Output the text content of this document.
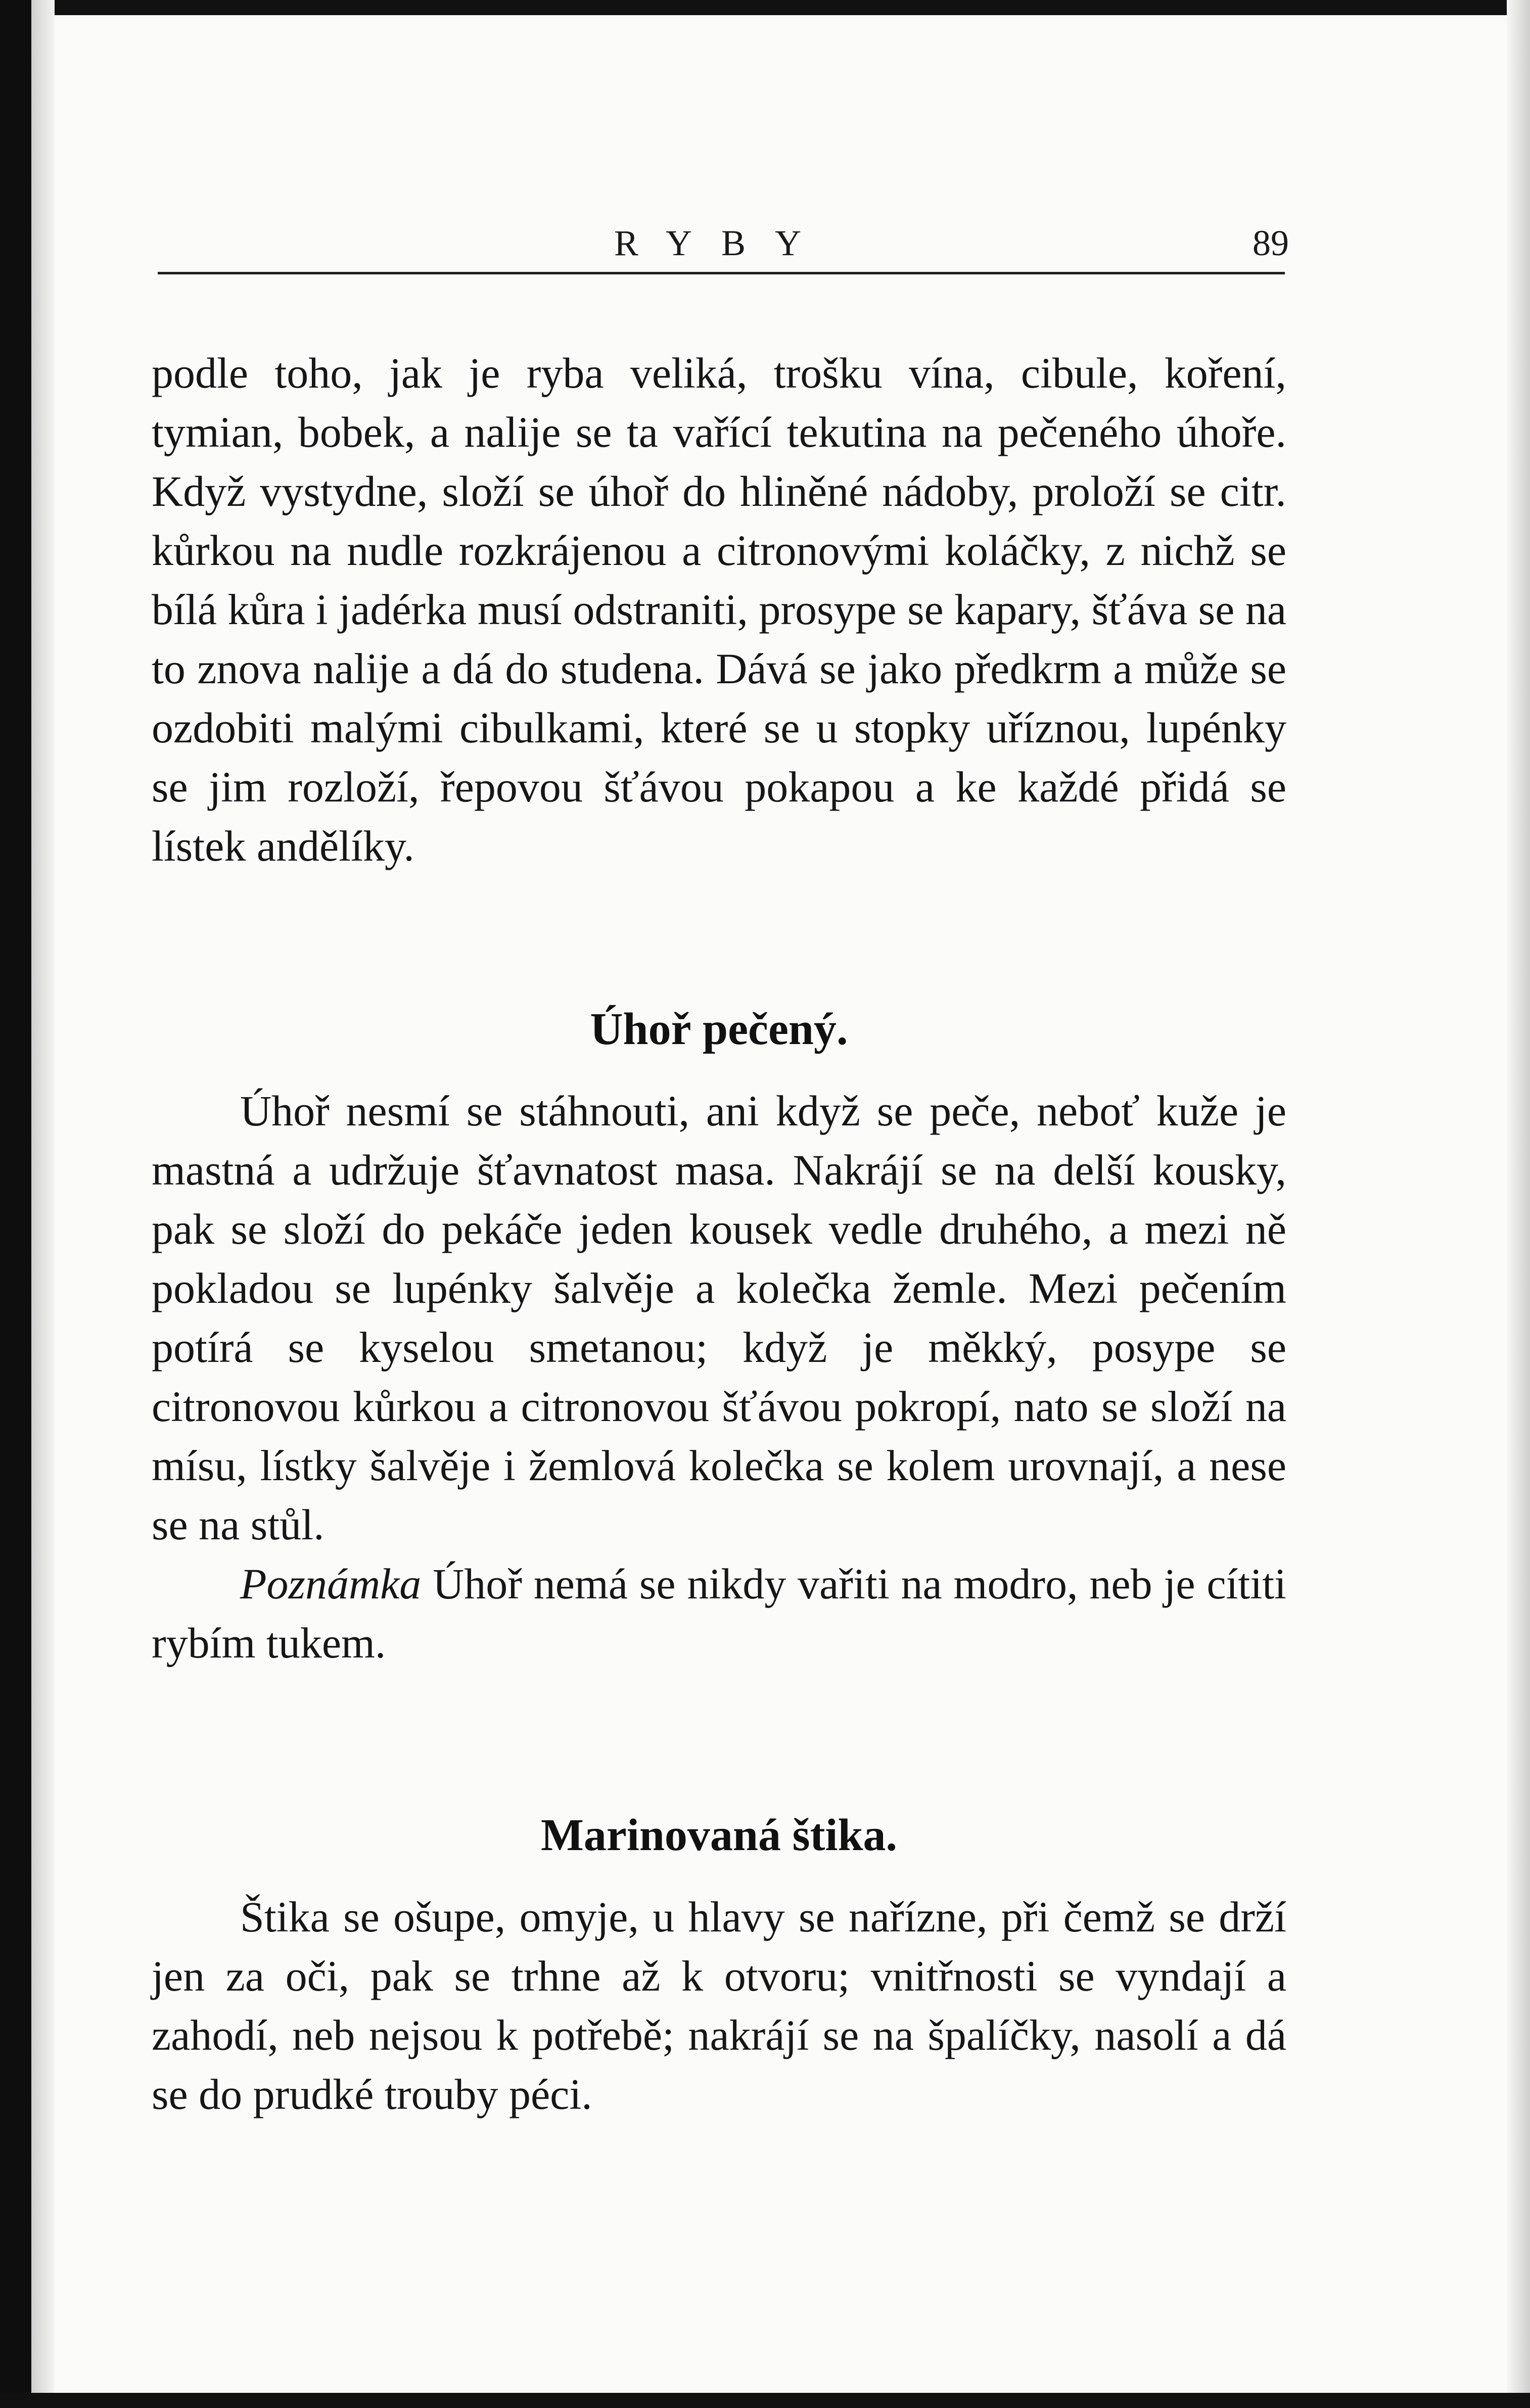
RYBY	89

podle toho, jak je ryba veliká, trošku vína, cibule, koření, tymian, bobek, a nalije se ta vařící tekutina na pečeného úhoře. Když vystydne, složí se úhoř do hliněné nádoby, proloží se citr. kůrkou na nudle rozkrájenou a citronovými koláčky, z nichž se bílá kůra i jadérka musí odstraniti, prosype se kapary, šťáva se na to znova nalije a dá do studena. Dává se jako předkrm a může se ozdobiti malými cibulkami, které se u stopky uříznou, lupénky se jim rozloží, řepovou šťávou pokapou a ke každé přidá se lístek andělíky.

Úhoř pečený.

Úhoř nesmí se stáhnouti, ani když se peče, neboť kuže je mastná a udržuje šťavnatost masa. Nakrájí se na delší kousky, pak se složí do pekáče jeden kousek vedle druhého, a mezi ně pokladou se lupénky šalvěje a kolečka žemle. Mezi pečením potírá se kyselou smetanou; když je měkký, posype se citronovou kůrkou a citronovou šťávou pokropí, nato se složí na mísu, lístky šalvěje i žemlová kolečka se kolem urovnají, a nese se na stůl.

Poznámka Úhoř nemá se nikdy vařiti na modro, neb je cítiti rybím tukem.

Marinovaná štika.

Štika se ošupe, omyje, u hlavy se nařízne, při čemž se drží jen za oči, pak se trhne až k otvoru; vnitřnosti se vyndají a zahodí, neb nejsou k potřebě; nakrájí se na špalíčky, nasolí a dá se do prudké trouby péci.
